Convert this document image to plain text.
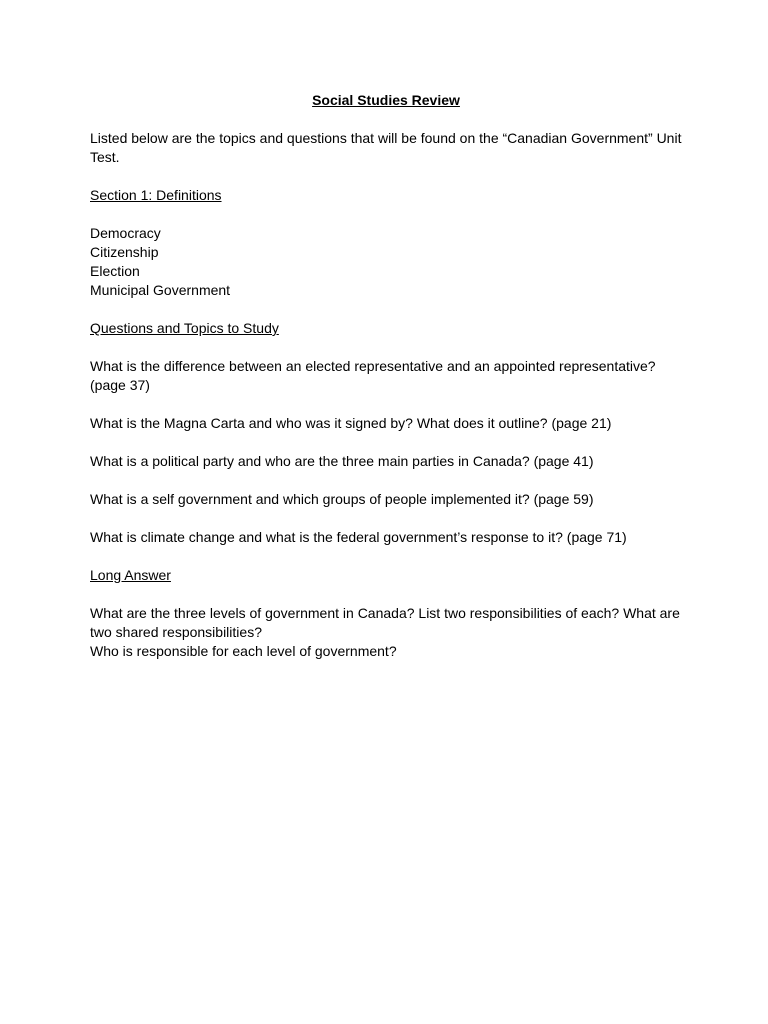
Social Studies Review

Listed below are the topics and questions that will be found on the “Canadian Government” Unit Test.

Section 1: Definitions
Democracy
Citizenship
Election
Municipal Government
Questions and Topics to Study

What is the difference between an elected representative and an appointed representative? (page 37)

What is the Magna Carta and who was it signed by? What does it outline? (page 21)

What is a political party and who are the three main parties in Canada? (page 41)

What is a self government and which groups of people implemented it? (page 59)

What is climate change and what is the federal government’s response to it? (page 71)

Long Answer

What are the three levels of government in Canada? List two responsibilities of each? What are two shared responsibilities?
Who is responsible for each level of government?
